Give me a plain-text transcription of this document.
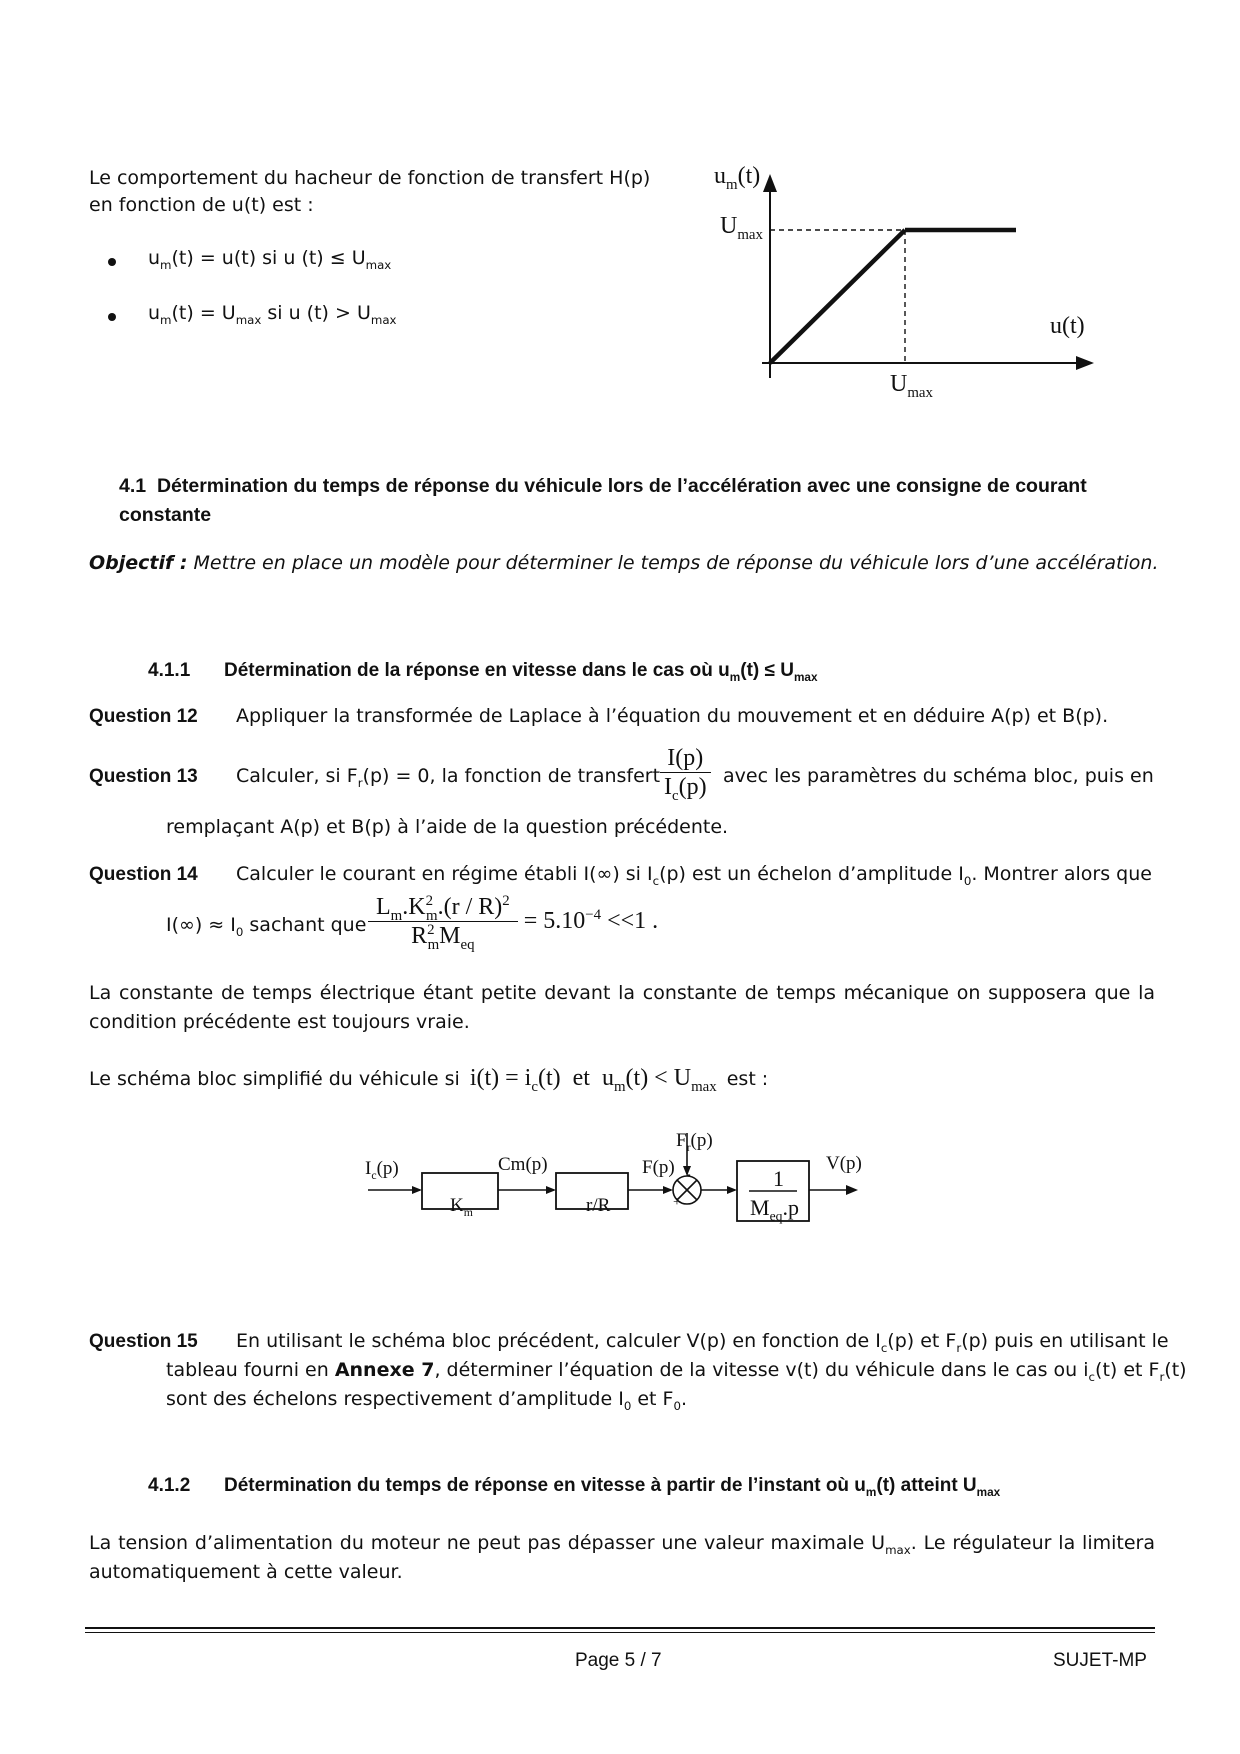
Le comportement du hacheur de fonction de transfert H(p)
en fonction de u(t) est :
$u_m(t) = u(t)$ si u $(t) \le U_{max}$
$u_m(t) = U_{max}$ si u $(t) > U_{max}$
$u_m(t)$
$U_{max}$
u(t)
$U_{max}$
4.1 Détermination du temps de réponse du véhicule lors de l’accélération avec une consigne de courant
constante
Objectif : Mettre en place un modèle pour déterminer le temps de réponse du véhicule lors d’une accélération.
4.1.1 Détermination de la réponse en vitesse dans le cas où $u_m(t) \le U_{max}$
Question 12 Appliquer la transformée de Laplace à l’équation du mouvement et en déduire A(p) et B(p).
Question 13 Calculer, si $F_r(p) = 0$, la fonction de transfert $\frac{I(p)}{I_c(p)}$ avec les paramètres du schéma bloc, puis en
remplaçant A(p) et B(p) à l’aide de la question précédente.
Question 14 Calculer le courant en régime établi I(∞) si $I_c(p)$ est un échelon d’amplitude $I_0$. Montrer alors que
$I(\infty) \approx I_0$ sachant que $\frac{L_m.K^2_m.(r / R)^2}{R^2_mM_{eq}} = 5.10^{-4} <<1$ .
La constante de temps électrique étant petite devant la constante de temps mécanique on supposera que la condition précédente est toujours vraie.
Le schéma bloc simplifié du véhicule si $i(t) = i_c(t)$  et  $u_m(t) < U_{max}$ est :
$I_c(p)$
$K_m$
Cm(p)
r/R
F(p)
$F_r(p)$
+
-	1
$M_{eq}.p$
V(p)
Question 15 En utilisant le schéma bloc précédent, calculer V(p) en fonction de $I_c(p)$ et $F_r(p)$ puis en utilisant le
tableau fourni en Annexe 7, déterminer l’équation de la vitesse v(t) du véhicule dans le cas ou $i_c(t)$ et $F_r(t)$
sont des échelons respectivement d’amplitude $I_0$ et $F_0$.
4.1.2 Détermination du temps de réponse en vitesse à partir de l’instant où $u_m(t)$ atteint $U_{max}$
La tension d’alimentation du moteur ne peut pas dépasser une valeur maximale $U_{max}$. Le régulateur la limitera automatiquement à cette valeur.
Page 5 / 7	SUJET-MP
